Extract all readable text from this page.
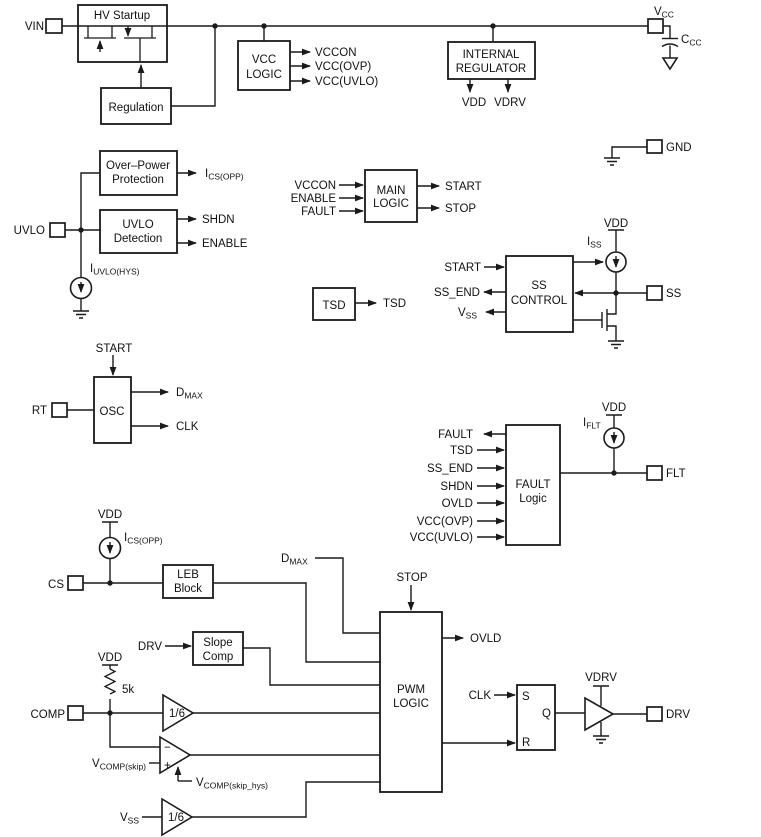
VIN
HV Startup
Regulation
VCC
LOGIC
VCCON
VCC(OVP)
VCC(UVLO)
INTERNAL
REGULATOR
VDD VDRV
$V_{CC}$
$C_{CC}$
GND
Over–Power
Protection	$I_{CS(OPP)}$
UVLO	UVLO
Detection
SHDN
ENABLE
$I_{UVLO(HYS)}$
MAIN
LOGIC
VCCON
ENABLE
FAULT
START
STOP
TSD	TSD
START
SS
CONTROL
SS_END
$V_{SS}$
VDD
$I_{SS}$
SS
START
OSC
RT
$D_{MAX}$
CLK
FAULT
TSD
SS_END
SHDN
OVLD
VCC(OVP)
VCC(UVLO)
FAULT
Logic
VDD
$I_{FLT}$
FLT
VDD
$I_{CS(OPP)}$
CS
LEB
Block
$D_{MAX}$
STOP
PWM
LOGIC
OVLD
Slope
Comp
DRV
VDD
5k
COMP	1/6
−
+
$V_{COMP(skip)}$
$V_{COMP(skip\_hys)}$
$V_{SS}$	1/6
CLK	S
R
Q
VDRV
DRV
